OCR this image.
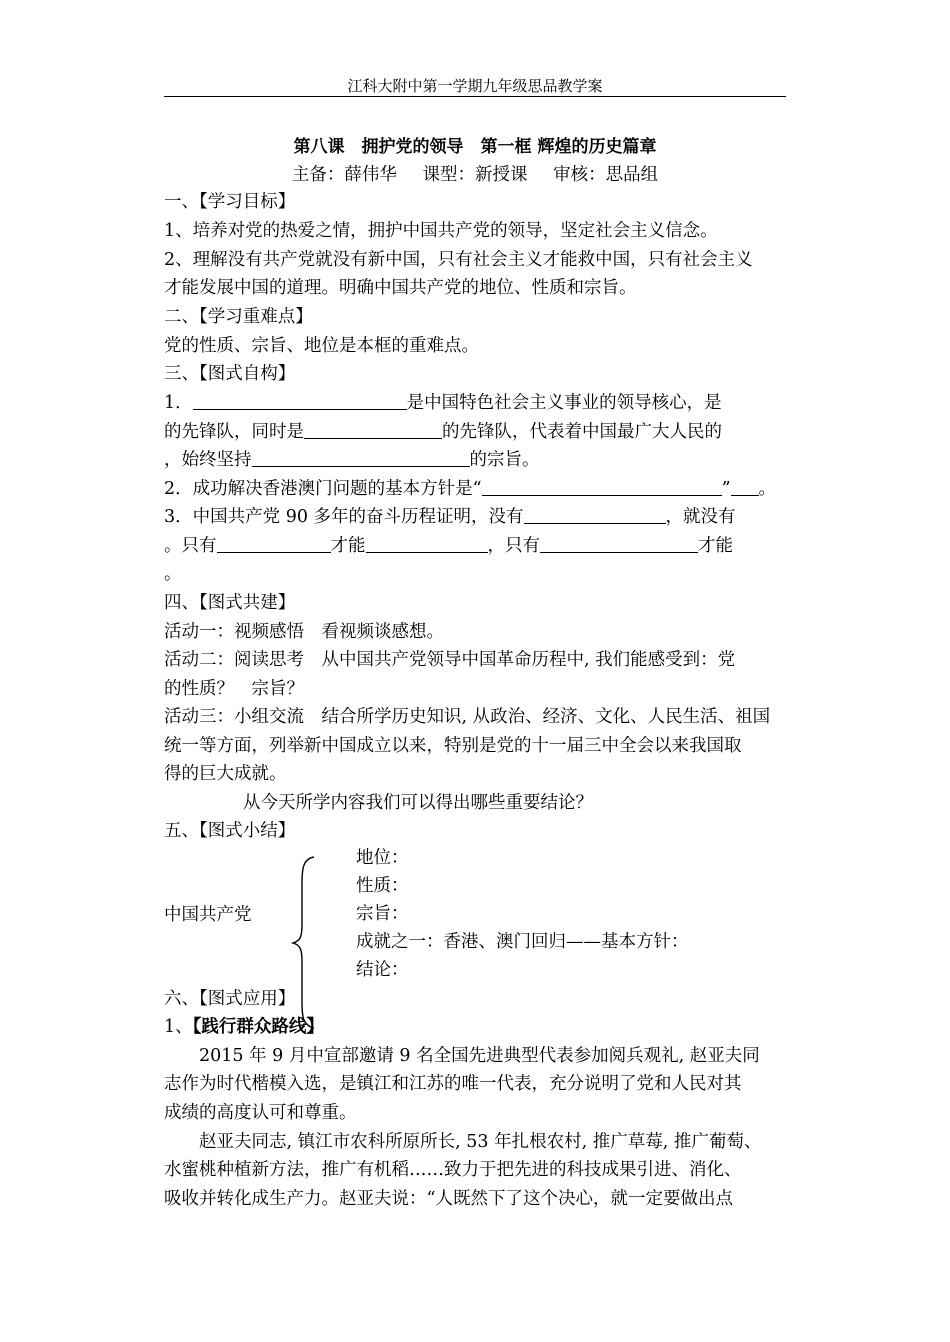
江科大附中第一学期九年级思品教学案
第八课　拥护党的领导　第一框 辉煌的历史篇章
主备：薛伟华 课型：新授课 审核：思品组
一、【学习目标】
1、培养对党的热爱之情，拥护中国共产党的领导，坚定社会主义信念。
2、理解没有共产党就没有新中国，只有社会主义才能救中国，只有社会主义
才能发展中国的道理。明确中国共产党的地位、性质和宗旨。
二、【学习重难点】
党的性质、宗旨、地位是本框的重难点。
三、【图式自构】
1．	是中国特色社会主义事业的领导核心，是
的先锋队，同时是	的先锋队，代表着中国最广大人民的
，始终坚持	的宗旨。
2．成功解决香港澳门问题的基本方针是“	” 。
3．中国共产党 90 多年的奋斗历程证明，没有	，就没有
。只有	才能	，只有	才能
。
四、【图式共建】
活动一：视频感悟　看视频谈感想。
活动二：阅读思考　从中国共产党领导中国革命历程中, 我们能感受到：党
的性质？　宗旨？
活动三：小组交流　结合所学历史知识, 从政治、经济、文化、人民生活、祖国
统一等方面，列举新中国成立以来，特别是党的十一届三中全会以来我国取
得的巨大成就。
从今天所学内容我们可以得出哪些重要结论？
五、【图式小结】
中国共产党
地位：
性质：
宗旨：
成就之一：香港、澳门回归——基本方针：
结论：
六、【图式应用】
1、【践行群众路线】
2015 年 9 月中宣部邀请 9 名全国先进典型代表参加阅兵观礼, 赵亚夫同
志作为时代楷模入选，是镇江和江苏的唯一代表，充分说明了党和人民对其
成绩的高度认可和尊重。
赵亚夫同志, 镇江市农科所原所长, 53 年扎根农村, 推广草莓, 推广葡萄、
水蜜桃种植新方法，推广有机稻……致力于把先进的科技成果引进、消化、
吸收并转化成生产力。赵亚夫说：“人既然下了这个决心，就一定要做出点
